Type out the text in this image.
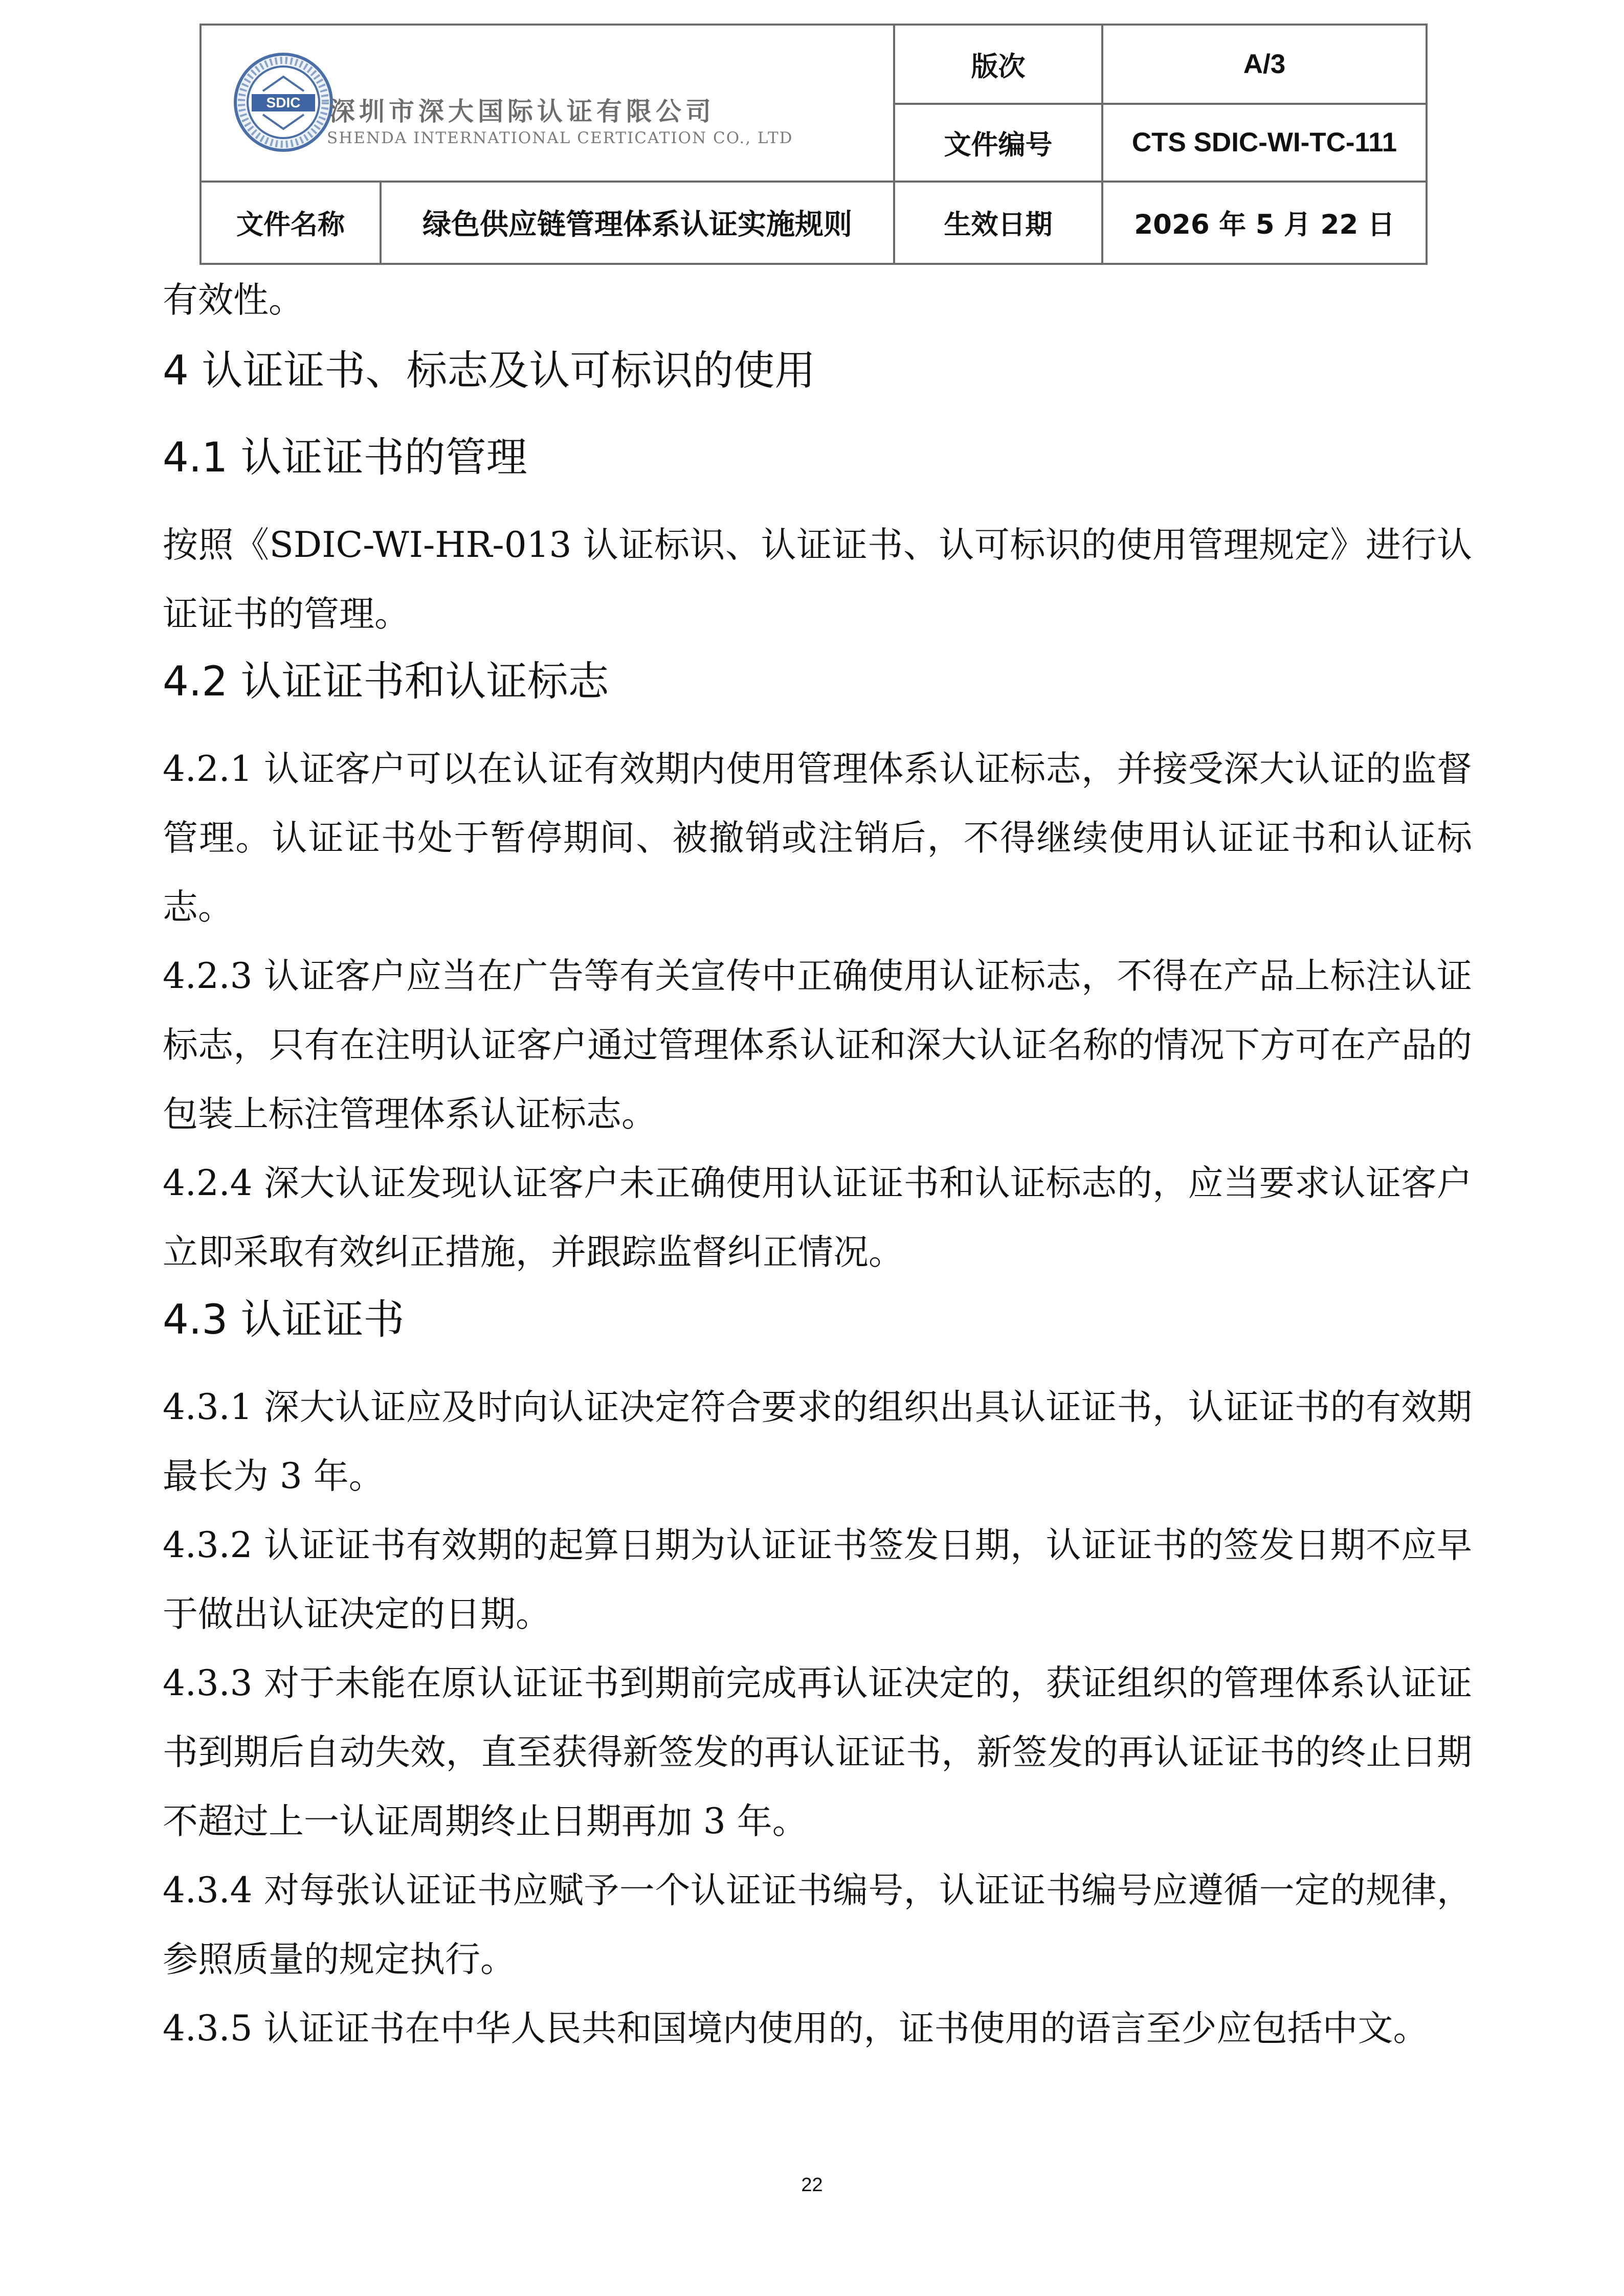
SDIC 深圳市深大国际认证有限公司
SHENDA INTERNATIONAL CERTICATION CO., LTD		版次	A/3
		文件编号	CTS SDIC-WI-TC-111
文件名称	绿色供应链管理体系认证实施规则	生效日期	2026 年 5 月 22 日

有效性。

4 认证证书、标志及认可标识的使用
4.1 认证证书的管理

按照《SDIC-WI-HR-013 认证标识、认证证书、认可标识的使用管理规定》进行认证证书的管理。

4.2 认证证书和认证标志

4.2.1 认证客户可以在认证有效期内使用管理体系认证标志，并接受深大认证的监督管理。认证证书处于暂停期间、被撤销或注销后，不得继续使用认证证书和认证标志。

4.2.3 认证客户应当在广告等有关宣传中正确使用认证标志，不得在产品上标注认证标志，只有在注明认证客户通过管理体系认证和深大认证名称的情况下方可在产品的包装上标注管理体系认证标志。

4.2.4 深大认证发现认证客户未正确使用认证证书和认证标志的，应当要求认证客户立即采取有效纠正措施，并跟踪监督纠正情况。

4.3 认证证书

4.3.1 深大认证应及时向认证决定符合要求的组织出具认证证书，认证证书的有效期最长为 3 年。

4.3.2 认证证书有效期的起算日期为认证证书签发日期，认证证书的签发日期不应早于做出认证决定的日期。

4.3.3 对于未能在原认证证书到期前完成再认证决定的，获证组织的管理体系认证证书到期后自动失效，直至获得新签发的再认证证书，新签发的再认证证书的终止日期不超过上一认证周期终止日期再加 3 年。

4.3.4 对每张认证证书应赋予一个认证证书编号，认证证书编号应遵循一定的规律，参照质量的规定执行。

4.3.5 认证证书在中华人民共和国境内使用的，证书使用的语言至少应包括中文。

22
